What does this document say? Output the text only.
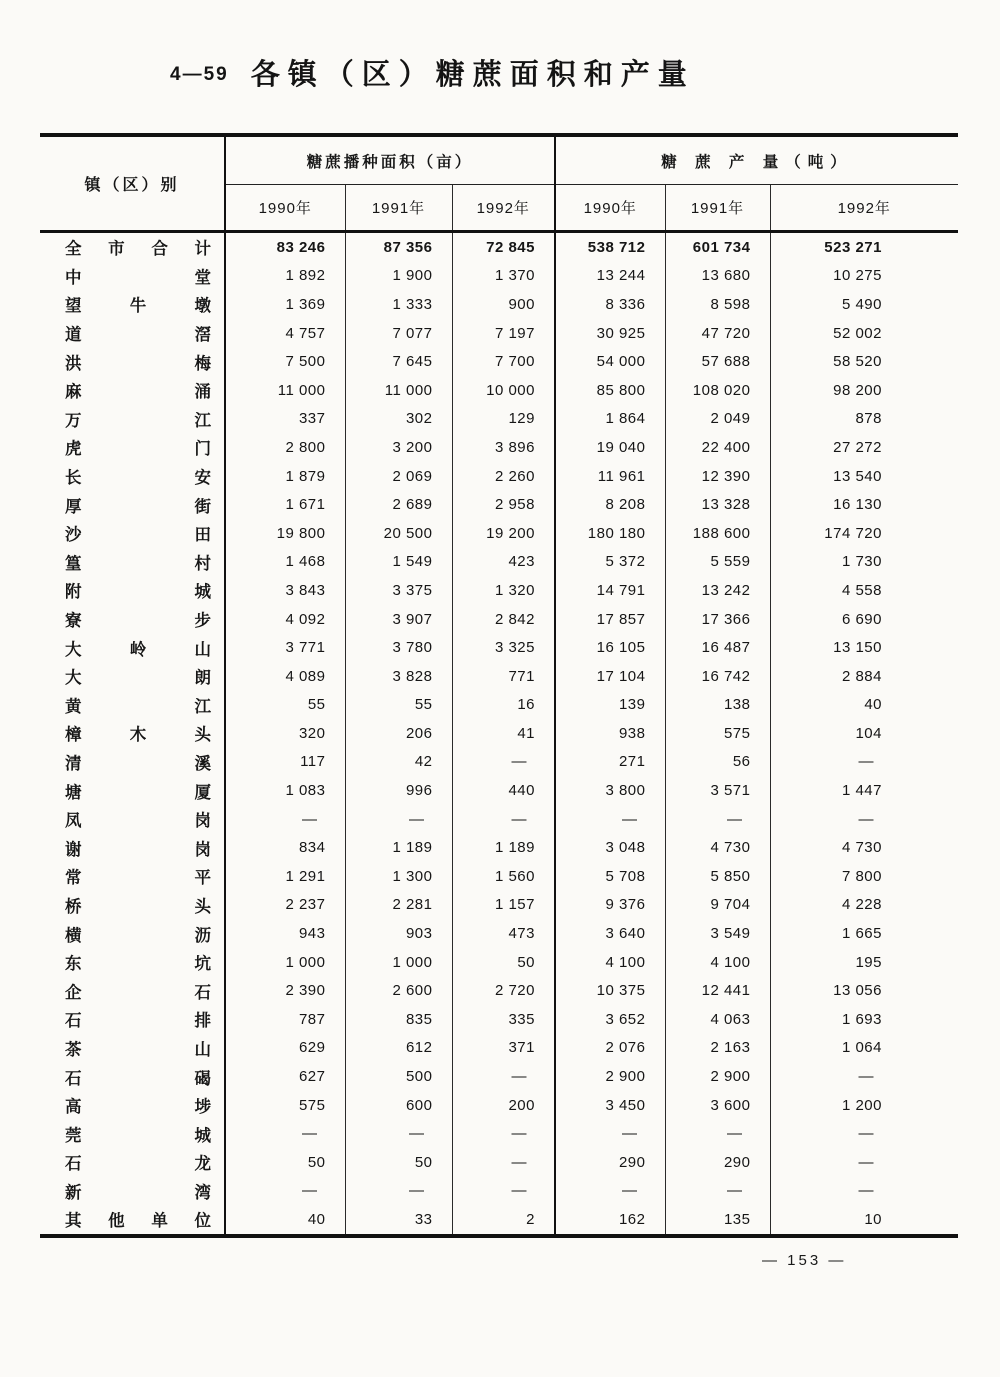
4—59 各镇（区）糖蔗面积和产量
镇（区）别	糖蔗播种面积（亩）			糖 蔗 产 量（吨）		
	1990年	1991年	1992年	1990年	1991年	1992年

全 市 合 计	83 246	87 356	72 845	538 712	601 734	523 271

中 堂	1 892	1 900	1 370	13 244	13 680	10 275

望 牛 墩	1 369	1 333	900	8 336	8 598	5 490

道 滘	4 757	7 077	7 197	30 925	47 720	52 002

洪 梅	7 500	7 645	7 700	54 000	57 688	58 520

麻 涌	11 000	11 000	10 000	85 800	108 020	98 200

万 江	337	302	129	1 864	2 049	878

虎 门	2 800	3 200	3 896	19 040	22 400	27 272

长 安	1 879	2 069	2 260	11 961	12 390	13 540

厚 街	1 671	2 689	2 958	8 208	13 328	16 130

沙 田	19 800	20 500	19 200	180 180	188 600	174 720

篁 村	1 468	1 549	423	5 372	5 559	1 730

附 城	3 843	3 375	1 320	14 791	13 242	4 558

寮 步	4 092	3 907	2 842	17 857	17 366	6 690

大 岭 山	3 771	3 780	3 325	16 105	16 487	13 150

大 朗	4 089	3 828	771	17 104	16 742	2 884

黄 江	55	55	16	139	138	40

樟 木 头	320	206	41	938	575	104

清 溪	117	42	—	271	56	—

塘 厦	1 083	996	440	3 800	3 571	1 447

凤 岗	—	—	—	—	—	—

谢 岗	834	1 189	1 189	3 048	4 730	4 730

常 平	1 291	1 300	1 560	5 708	5 850	7 800

桥 头	2 237	2 281	1 157	9 376	9 704	4 228

横 沥	943	903	473	3 640	3 549	1 665

东 坑	1 000	1 000	50	4 100	4 100	195

企 石	2 390	2 600	2 720	10 375	12 441	13 056

石 排	787	835	335	3 652	4 063	1 693

茶 山	629	612	371	2 076	2 163	1 064

石 碣	627	500	—	2 900	2 900	—

高 埗	575	600	200	3 450	3 600	1 200

莞 城	—	—	—	—	—	—

石 龙	50	50	—	290	290	—

新 湾	—	—	—	—	—	—

其 他 单 位	40	33	2	162	135	10
— 153 —
